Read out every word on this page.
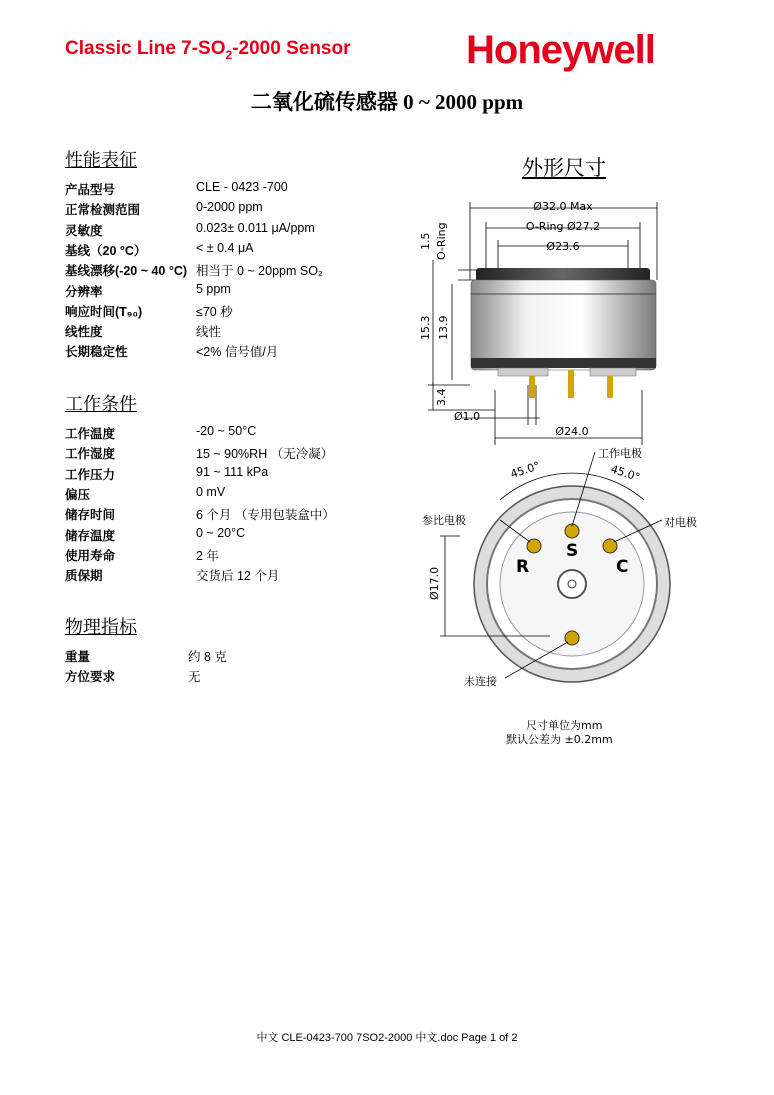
Classic Line $7-SO_2-2000$ Sensor	Honeywell
二氧化硫传感器 0 ~ 2000 ppm
性能表征
产品型号	CLE - 0423 -700
正常检测范围	0-2000 ppm
灵敏度	0.023± 0.011 μA/ppm
基线（20 °C）	< ± 0.4 μA
基线漂移(-20 ~ 40 °C) 相当于 0 ~ 20ppm SO₂
分辨率	5 ppm
响应时间(T₉₀)	≤70 秒
线性度	线性
长期稳定性	<2% 信号值/月
工作条件
工作温度	-20 ~ 50°C
工作湿度	15 ~ 90%RH （无冷凝）
工作压力	91 ~ 111 kPa
偏压	0 mV
储存时间	6 个月 （专用包装盒中）
储存温度	0 ~ 20°C
使用寿命	2 年
质保期	交货后 12 个月
物理指标
重量	约 8 克
方位要求	无
外形尺寸
Ø32.0 Max
O-Ring Ø27.2
Ø23.6
1.5 O-Ring
15.3 13.9
3.4
Ø1.0
Ø24.0
Ø17.0
45.0°	45.0°
工作电极
参比电极	对电极
未连接
尺寸单位为mm
默认公差为 ±0.2mm
R
S
C
中文 CLE-0423-700 7SO2-2000 中文.doc Page 1 of 2
